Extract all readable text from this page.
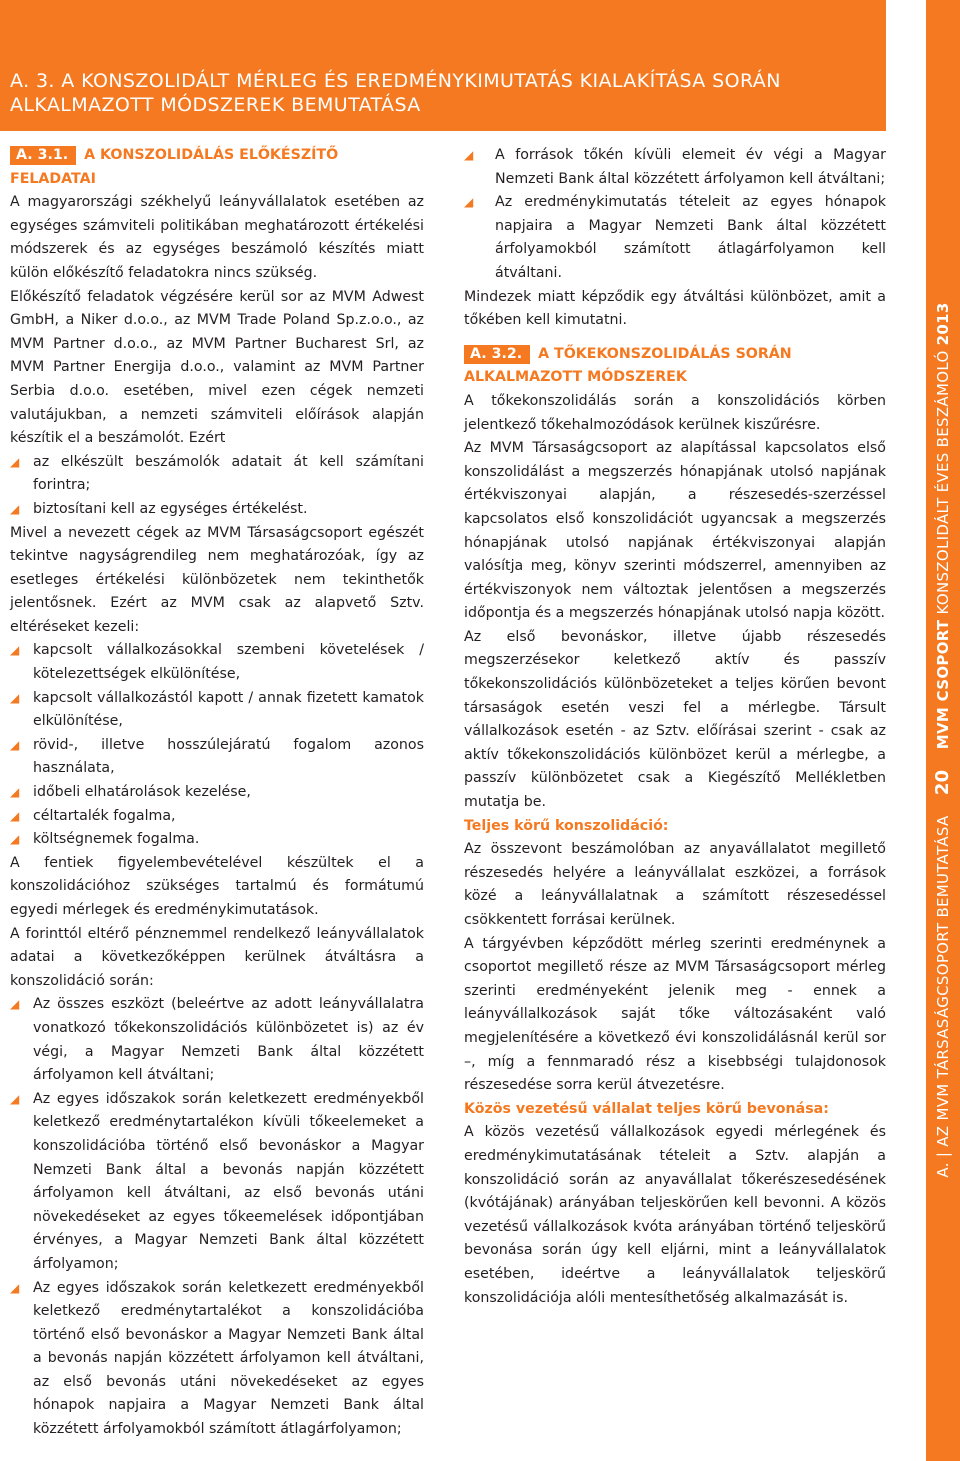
A. 3. A KONSZOLIDÁLT MÉRLEG ÉS EREDMÉNYKIMUTATÁS KIALAKÍTÁSA SORÁN ALKALMAZOTT MÓDSZEREK BEMUTATÁSA
A. | AZ MVM TÁRSASÁGCSOPORT BEMUTATÁSA    20    MVM CSOPORT KONSZOLIDÁLT ÉVES BESZÁMOLÓ 2013
A. 3.1. A KONSZOLIDÁLÁS ELŐKÉSZÍTŐ FELADATAI

A magyarországi székhelyű leányvállalatok esetében az egységes számviteli politikában meghatározott értékelési módszerek és az egységes beszámoló készítés miatt külön előkészítő feladatokra nincs szükség.

Előkészítő feladatok végzésére kerül sor az MVM Adwest GmbH, a Niker d.o.o., az MVM Trade Poland Sp.z.o.o., az MVM Partner d.o.o., az MVM Partner Bucharest Srl, az MVM Partner Energija d.o.o., valamint az MVM Partner Serbia d.o.o. esetében, mivel ezen cégek nemzeti valutájukban, a nemzeti számviteli előírások alapján készítik el a beszámolót. Ezért

◢ az elkészült beszámolók adatait át kell számítani forintra;
◢ biztosítani kell az egységes értékelést.

Mivel a nevezett cégek az MVM Társaságcsoport egészét tekintve nagyságrendileg nem meghatározóak, így az esetleges értékelési különbözetek nem tekinthetők jelentősnek. Ezért az MVM csak az alapvető Sztv. eltéréseket kezeli:

◢ kapcsolt vállalkozásokkal szembeni követelések / kötelezettségek elkülönítése,
◢ kapcsolt vállalkozástól kapott / annak fizetett kamatok elkülönítése,
◢ rövid-, illetve hosszúlejáratú fogalom azonos használata,
◢ időbeli elhatárolások kezelése,
◢ céltartalék fogalma,
◢ költségnemek fogalma.

A fentiek figyelembevételével készültek el a konszolidációhoz szükséges tartalmú és formátumú egyedi mérlegek és eredménykimutatások.

A forinttól eltérő pénznemmel rendelkező leányvállalatok adatai a következőképpen kerülnek átváltásra a konszolidáció során:

◢ Az összes eszközt (beleértve az adott leányvállalatra vonatkozó tőkekonszolidációs különbözetet is) az év végi, a Magyar Nemzeti Bank által közzétett árfolyamon kell átváltani;
◢ Az egyes időszakok során keletkezett eredményekből keletkező eredménytartalékon kívüli tőkeelemeket a konszolidációba történő első bevonáskor a Magyar Nemzeti Bank által a bevonás napján közzétett árfolyamon kell átváltani, az első bevonás utáni növekedéseket az egyes tőkeemelések időpontjában érvényes, a Magyar Nemzeti Bank által közzétett árfolyamon;
◢ Az egyes időszakok során keletkezett eredményekből keletkező eredménytartalékot a konszolidációba történő első bevonáskor a Magyar Nemzeti Bank által a bevonás napján közzétett árfolyamon kell átváltani, az első bevonás utáni növekedéseket az egyes hónapok napjaira a Magyar Nemzeti Bank által közzétett árfolyamokból számított átlagárfolyamon;
◢ A források tőkén kívüli elemeit év végi a Magyar Nemzeti Bank által közzétett árfolyamon kell átváltani;
◢ Az eredménykimutatás tételeit az egyes hónapok napjaira a Magyar Nemzeti Bank által közzétett árfolyamokból számított átlagárfolyamon kell átváltani.

Mindezek miatt képződik egy átváltási különbözet, amit a tőkében kell kimutatni.

A. 3.2. A TŐKEKONSZOLIDÁLÁS SORÁN ALKALMAZOTT MÓDSZEREK

A tőkekonszolidálás során a konszolidációs körben jelentkező tőkehalmozódások kerülnek kiszűrésre.

Az MVM Társaságcsoport az alapítással kapcsolatos első konszolidálást a megszerzés hónapjának utolsó napjának értékviszonyai alapján, a részesedés-szerzéssel kapcsolatos első konszolidációt ugyancsak a megszerzés hónapjának utolsó napjának értékviszonyai alapján valósítja meg, könyv szerinti módszerrel, amennyiben az értékviszonyok nem változtak jelentősen a megszerzés időpontja és a megszerzés hónapjának utolsó napja között.

Az első bevonáskor, illetve újabb részesedés megszerzésekor keletkező aktív és passzív tőkekonszolidációs különbözeteket a teljes körűen bevont társaságok esetén veszi fel a mérlegbe. Társult vállalkozások esetén - az Sztv. előírásai szerint - csak az aktív tőkekonszolidációs különbözet kerül a mérlegbe, a passzív különbözetet csak a Kiegészítő Mellékletben mutatja be.

Teljes körű konszolidáció:

Az összevont beszámolóban az anyavállalatot megillető részesedés helyére a leányvállalat eszközei, a források közé a leányvállalatnak a számított részesedéssel csökkentett forrásai kerülnek.

A tárgyévben képződött mérleg szerinti eredménynek a csoportot megillető része az MVM Társaságcsoport mérleg szerinti eredményeként jelenik meg - ennek a leányvállalkozások saját tőke változásaként való megjelenítésére a következő évi konszolidálásnál kerül sor –, míg a fennmaradó rész a kisebbségi tulajdonosok részesedése sorra kerül átvezetésre.

Közös vezetésű vállalat teljes körű bevonása:

A közös vezetésű vállalkozások egyedi mérlegének és eredménykimutatásának tételeit a Sztv. alapján a konszolidáció során az anyavállalat tőkerészesedésének (kvótájának) arányában teljeskörűen kell bevonni. A közös vezetésű vállalkozások kvóta arányában történő teljeskörű bevonása során úgy kell eljárni, mint a leányvállalatok esetében, ideértve a leányvállalatok teljeskörű konszolidációja alóli mentesíthetőség alkalmazását is.
